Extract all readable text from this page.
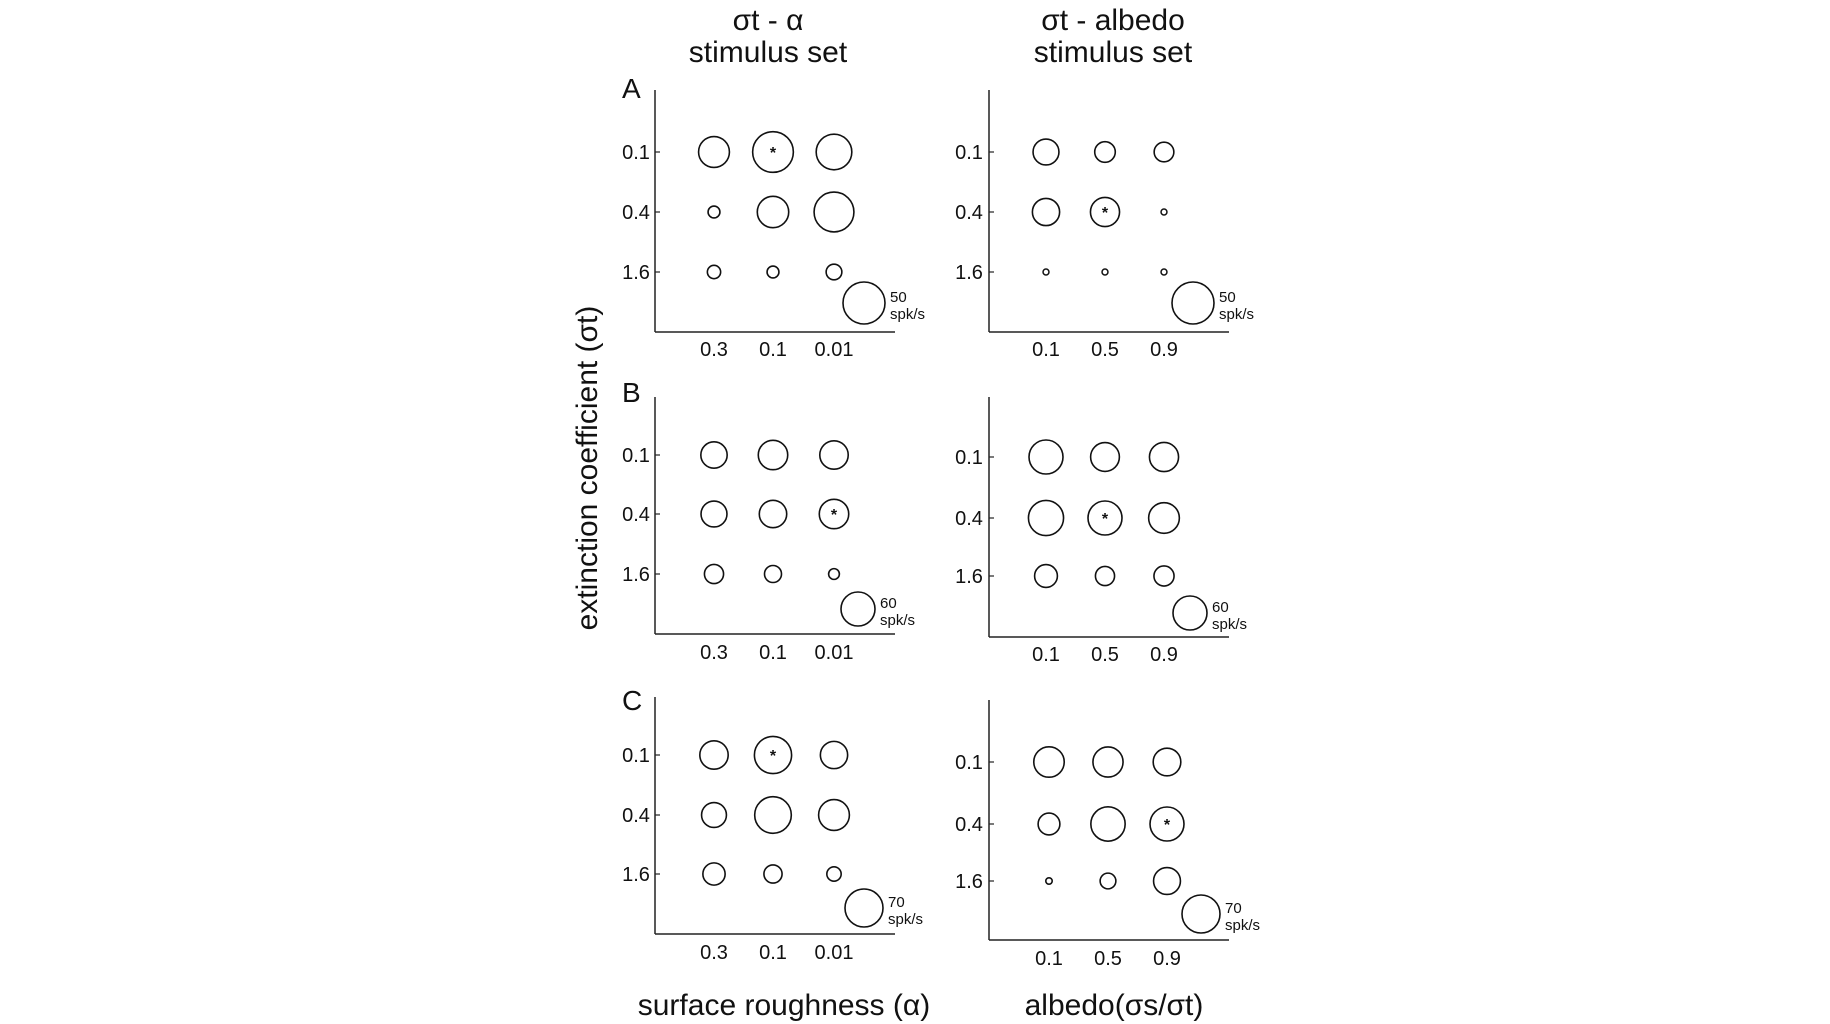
σt - α
stimulus set
σt - albedo
stimulus set
extinction coefficient (σt)
surface roughness (α)	albedo(σs/σt)
A
0.1
0.4
1.6
0.3 0.1 0.01
*
50
spk/s
0.1
0.4
1.6
0.1 0.5 0.9
*
50
spk/s
B
0.1
0.4
1.6
0.3 0.1 0.01
*
60
spk/s
0.1
0.4
1.6
0.1 0.5 0.9
*
60
spk/s
C
0.1
0.4
1.6
0.3 0.1 0.01
*
70
spk/s
0.1
0.4
1.6
0.1 0.5 0.9
*
70
spk/s
